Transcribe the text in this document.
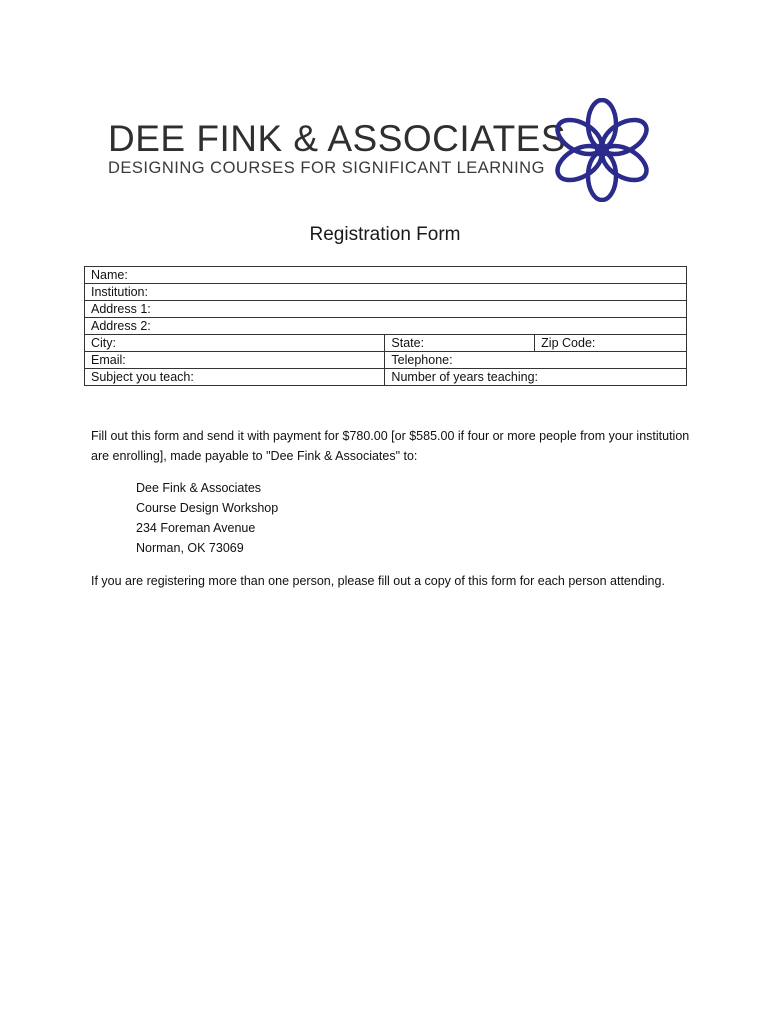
DEE FINK & ASSOCIATES
DESIGNING COURSES FOR SIGNIFICANT LEARNING
Registration Form
Name:		
Institution:		
Address 1:		
Address 2:		
City:	State:	Zip Code:
Email:	Telephone:	
Subject you teach:	Number of years teaching:	
Fill out this form and send it with payment for $780.00 [or $585.00 if four or more people from your institution are enrolling], made payable to "Dee Fink & Associates" to:
Dee Fink & Associates
Course Design Workshop
234 Foreman Avenue
Norman, OK 73069
If you are registering more than one person, please fill out a copy of this form for each person attending.
